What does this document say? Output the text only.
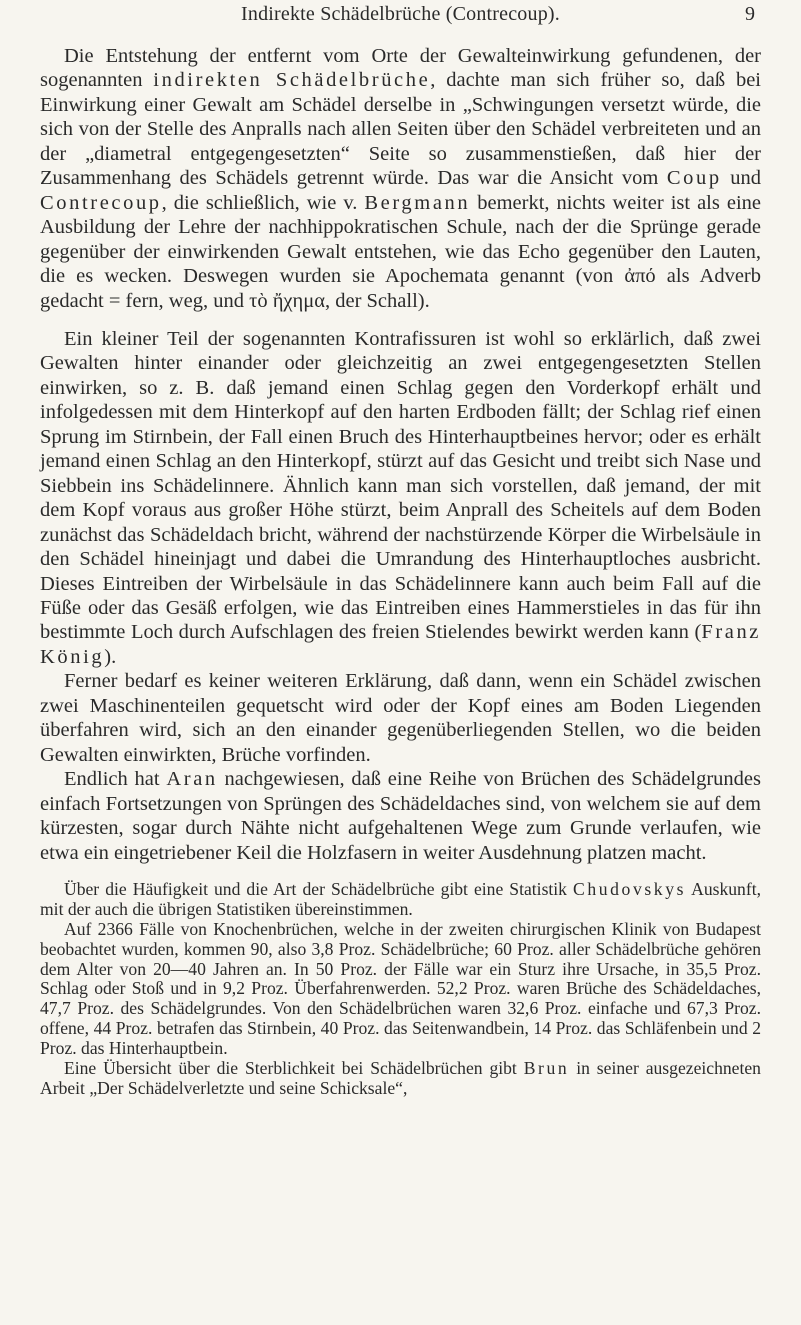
Indirekte Schädelbrüche (Contrecoup).	9

Die Entstehung der entfernt vom Orte der Gewalteinwirkung gefundenen, der sogenannten indirekten Schädelbrüche, dachte man sich früher so, daß bei Einwirkung einer Gewalt am Schädel derselbe in „Schwingungen versetzt würde, die sich von der Stelle des Anpralls nach allen Seiten über den Schädel verbreiteten und an der „diametral entgegengesetzten“ Seite so zusammenstießen, daß hier der Zusammenhang des Schädels getrennt würde. Das war die Ansicht vom Coup und Contrecoup, die schließlich, wie v. Bergmann bemerkt, nichts weiter ist als eine Ausbildung der Lehre der nachhippokratischen Schule, nach der die Sprünge gerade gegenüber der einwirkenden Gewalt entstehen, wie das Echo gegenüber den Lauten, die es wecken. Deswegen wurden sie Apochemata genannt (von ἀπό als Adverb gedacht = fern, weg, und τὸ ἤχημα, der Schall).

Ein kleiner Teil der sogenannten Kontrafissuren ist wohl so erklärlich, daß zwei Gewalten hinter einander oder gleichzeitig an zwei entgegengesetzten Stellen einwirken, so z. B. daß jemand einen Schlag gegen den Vorderkopf erhält und infolgedessen mit dem Hinterkopf auf den harten Erdboden fällt; der Schlag rief einen Sprung im Stirnbein, der Fall einen Bruch des Hinterhauptbeines hervor; oder es erhält jemand einen Schlag an den Hinterkopf, stürzt auf das Gesicht und treibt sich Nase und Siebbein ins Schädelinnere. Ähnlich kann man sich vorstellen, daß jemand, der mit dem Kopf voraus aus großer Höhe stürzt, beim Anprall des Scheitels auf dem Boden zunächst das Schädeldach bricht, während der nachstürzende Körper die Wirbelsäule in den Schädel hineinjagt und dabei die Umrandung des Hinterhauptloches ausbricht. Dieses Eintreiben der Wirbelsäule in das Schädelinnere kann auch beim Fall auf die Füße oder das Gesäß erfolgen, wie das Eintreiben eines Hammerstieles in das für ihn bestimmte Loch durch Aufschlagen des freien Stielendes bewirkt werden kann (Franz König).

Ferner bedarf es keiner weiteren Erklärung, daß dann, wenn ein Schädel zwischen zwei Maschinenteilen gequetscht wird oder der Kopf eines am Boden Liegenden überfahren wird, sich an den einander gegenüberliegenden Stellen, wo die beiden Gewalten einwirkten, Brüche vorfinden.

Endlich hat Aran nachgewiesen, daß eine Reihe von Brüchen des Schädelgrundes einfach Fortsetzungen von Sprüngen des Schädeldaches sind, von welchem sie auf dem kürzesten, sogar durch Nähte nicht aufgehaltenen Wege zum Grunde verlaufen, wie etwa ein eingetriebener Keil die Holzfasern in weiter Ausdehnung platzen macht.

Über die Häufigkeit und die Art der Schädelbrüche gibt eine Statistik Chudovskys Auskunft, mit der auch die übrigen Statistiken übereinstimmen.

Auf 2366 Fälle von Knochenbrüchen, welche in der zweiten chirurgischen Klinik von Budapest beobachtet wurden, kommen 90, also 3,8 Proz. Schädelbrüche; 60 Proz. aller Schädelbrüche gehören dem Alter von 20—40 Jahren an. In 50 Proz. der Fälle war ein Sturz ihre Ursache, in 35,5 Proz. Schlag oder Stoß und in 9,2 Proz. Überfahrenwerden. 52,2 Proz. waren Brüche des Schädeldaches, 47,7 Proz. des Schädelgrundes. Von den Schädelbrüchen waren 32,6 Proz. einfache und 67,3 Proz. offene, 44 Proz. betrafen das Stirnbein, 40 Proz. das Seitenwandbein, 14 Proz. das Schläfenbein und 2 Proz. das Hinterhauptbein.

Eine Übersicht über die Sterblichkeit bei Schädelbrüchen gibt Brun in seiner ausgezeichneten Arbeit „Der Schädelverletzte und seine Schicksale“,
